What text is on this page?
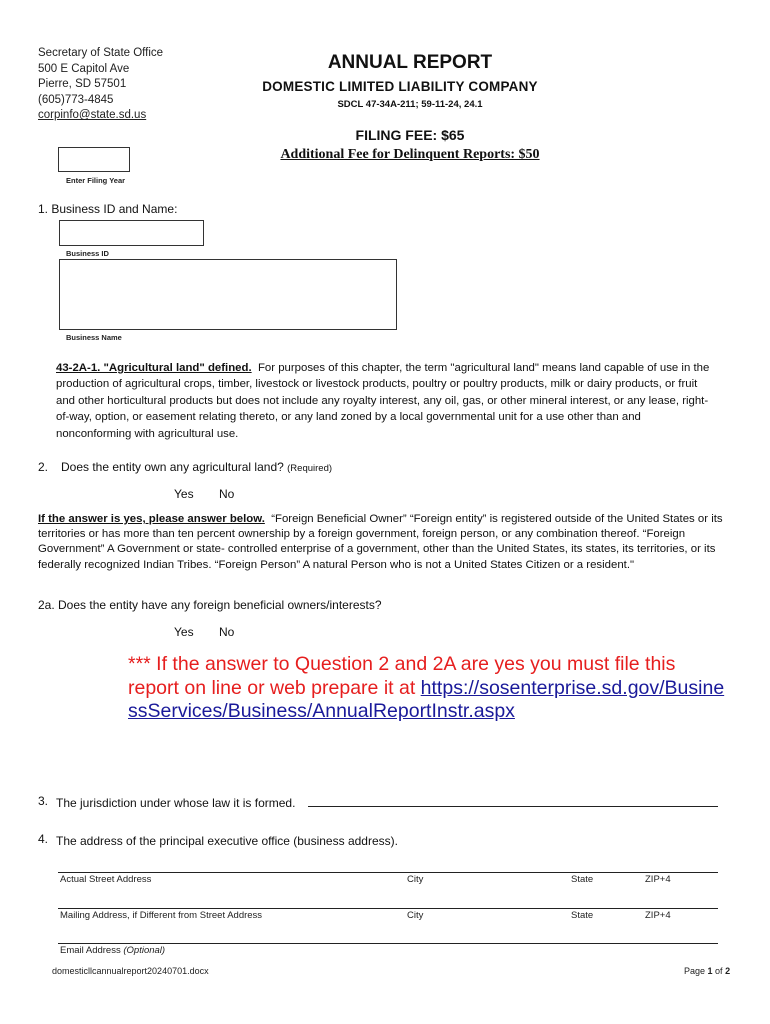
Secretary of State Office
500 E Capitol Ave
Pierre, SD 57501
(605)773-4845
corpinfo@state.sd.us
ANNUAL REPORT
DOMESTIC LIMITED LIABILITY COMPANY
SDCL 47-34A-211; 59-11-24, 24.1
FILING FEE: $65
Additional Fee for Delinquent Reports: $50
Enter Filing Year
1. Business ID and Name:
Business ID
Business Name
43-2A-1. "Agricultural land" defined. For purposes of this chapter, the term "agricultural land" means land capable of use in the production of agricultural crops, timber, livestock or livestock products, poultry or poultry products, milk or dairy products, or fruit and other horticultural products but does not include any royalty interest, any oil, gas, or other mineral interest, or any lease, right-of-way, option, or easement relating thereto, or any land zoned by a local governmental unit for a use other than and nonconforming with agricultural use.
2. Does the entity own any agricultural land? (Required)
Yes No
If the answer is yes, please answer below. “Foreign Beneficial Owner” “Foreign entity” is registered outside of the United States or its territories or has more than ten percent ownership by a foreign government, foreign person, or any combination thereof. “Foreign Government” A Government or state- controlled enterprise of a government, other than the United States, its states, its territories, or its federally recognized Indian Tribes. “Foreign Person” A natural Person who is not a United States Citizen or a resident."
2a. Does the entity have any foreign beneficial owners/interests?
Yes No
*** If the answer to Question 2 and 2A are yes you must file this report on line or web prepare it at https://sosenterprise.sd.gov/BusinessServices/Business/AnnualReportInstr.aspx
3. The jurisdiction under whose law it is formed.
4. The address of the principal executive office (business address).
Actual Street Address	City	State	ZIP+4
Mailing Address, if Different from Street Address	City	State	ZIP+4
Email Address (Optional)
domesticllcannualreport20240701.docx	Page 1 of 2
